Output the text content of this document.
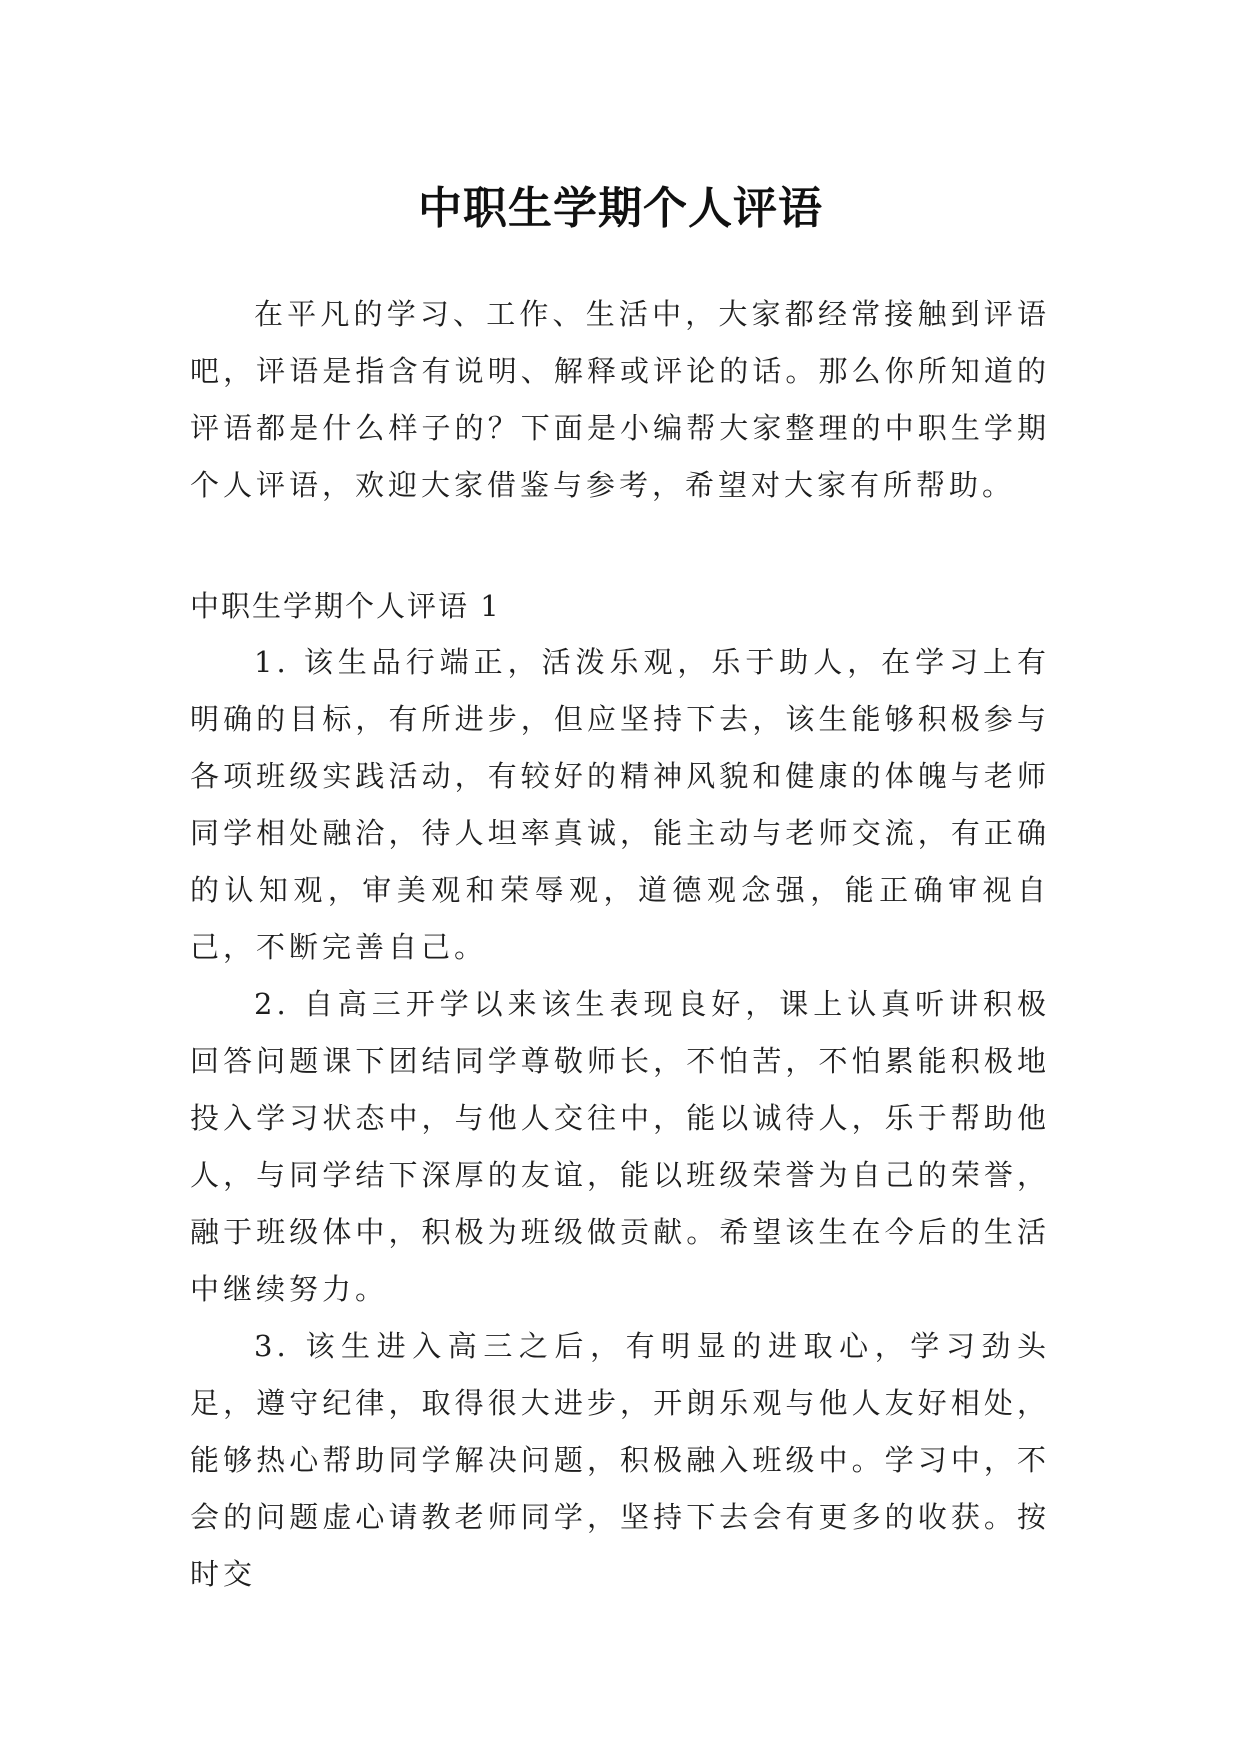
中职生学期个人评语

在平凡的学习、工作、生活中，大家都经常接触到评语吧，评语是指含有说明、解释或评论的话。那么你所知道的评语都是什么样子的？下面是小编帮大家整理的中职生学期个人评语，欢迎大家借鉴与参考，希望对大家有所帮助。

中职生学期个人评语 1

1. 该生品行端正，活泼乐观，乐于助人，在学习上有明确的目标，有所进步，但应坚持下去，该生能够积极参与各项班级实践活动，有较好的精神风貌和健康的体魄与老师同学相处融洽，待人坦率真诚，能主动与老师交流，有正确的认知观，审美观和荣辱观，道德观念强，能正确审视自己，不断完善自己。

2. 自高三开学以来该生表现良好，课上认真听讲积极回答问题课下团结同学尊敬师长，不怕苦，不怕累能积极地投入学习状态中，与他人交往中，能以诚待人，乐于帮助他人，与同学结下深厚的友谊，能以班级荣誉为自己的荣誉，融于班级体中，积极为班级做贡献。希望该生在今后的生活中继续努力。

3. 该生进入高三之后，有明显的进取心，学习劲头足，遵守纪律，取得很大进步，开朗乐观与他人友好相处，能够热心帮助同学解决问题，积极融入班级中。学习中，不会的问题虚心请教老师同学，坚持下去会有更多的收获。按时交
